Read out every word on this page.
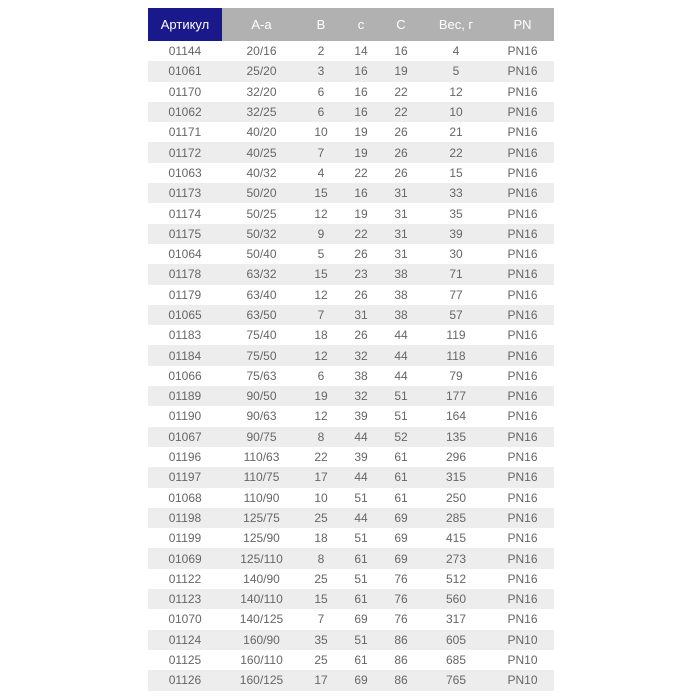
Артикул	A-a	B	c	C	Вес, г	PN
01144	20/16	2	14	16	4	PN16
01061	25/20	3	16	19	5	PN16
01170	32/20	6	16	22	12	PN16
01062	32/25	6	16	22	10	PN16
01171	40/20	10	19	26	21	PN16
01172	40/25	7	19	26	22	PN16
01063	40/32	4	22	26	15	PN16
01173	50/20	15	16	31	33	PN16
01174	50/25	12	19	31	35	PN16
01175	50/32	9	22	31	39	PN16
01064	50/40	5	26	31	30	PN16
01178	63/32	15	23	38	71	PN16
01179	63/40	12	26	38	77	PN16
01065	63/50	7	31	38	57	PN16
01183	75/40	18	26	44	119	PN16
01184	75/50	12	32	44	118	PN16
01066	75/63	6	38	44	79	PN16
01189	90/50	19	32	51	177	PN16
01190	90/63	12	39	51	164	PN16
01067	90/75	8	44	52	135	PN16
01196	110/63	22	39	61	296	PN16
01197	110/75	17	44	61	315	PN16
01068	110/90	10	51	61	250	PN16
01198	125/75	25	44	69	285	PN16
01199	125/90	18	51	69	415	PN16
01069	125/110	8	61	69	273	PN16
01122	140/90	25	51	76	512	PN16
01123	140/110	15	61	76	560	PN16
01070	140/125	7	69	76	317	PN16
01124	160/90	35	51	86	605	PN10
01125	160/110	25	61	86	685	PN10
01126	160/125	17	69	86	765	PN10
